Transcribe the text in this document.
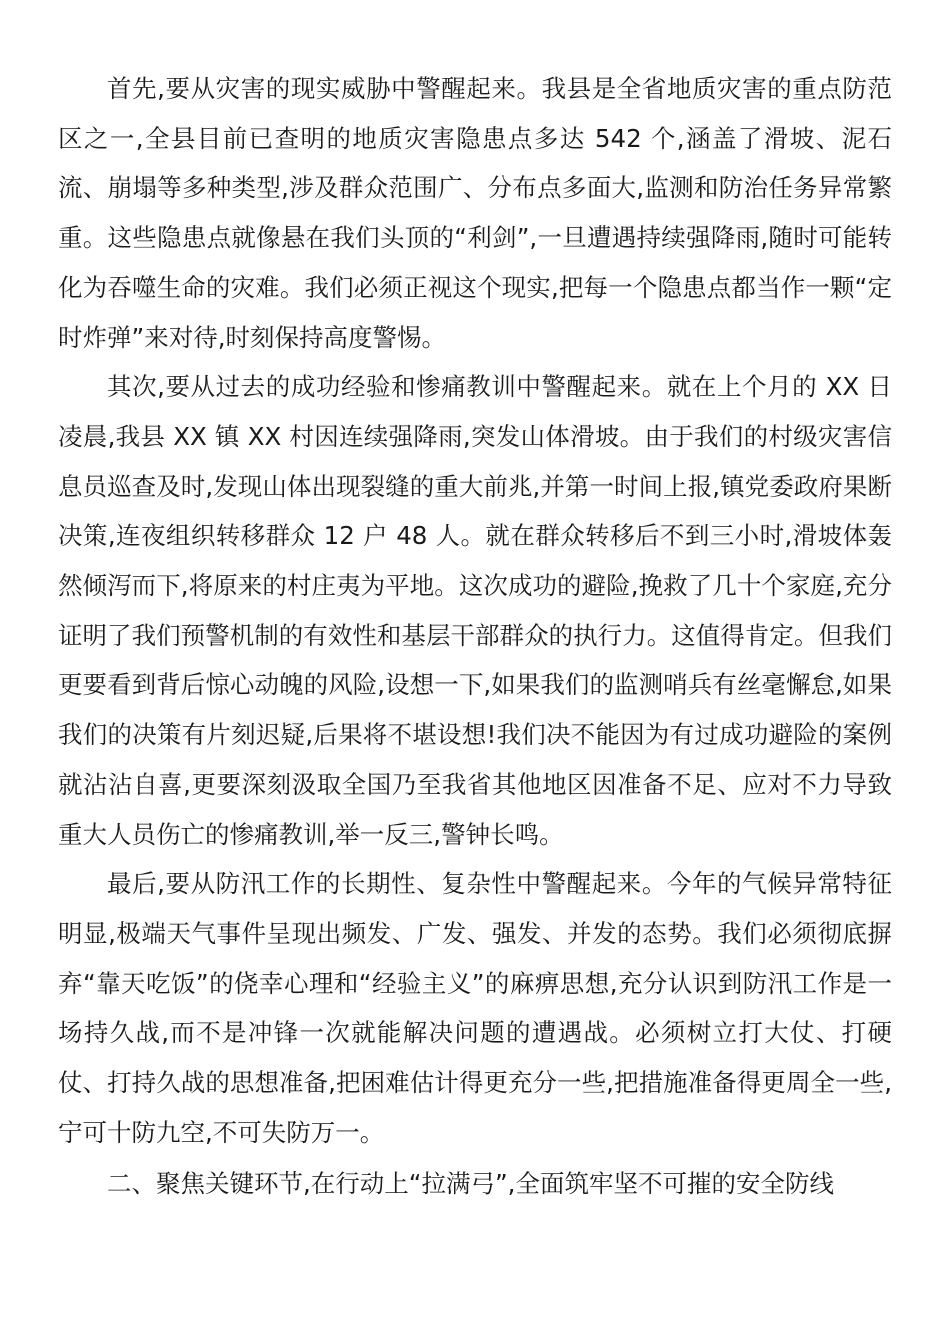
首先,要从灾害的现实威胁中警醒起来。我县是全省地质灾害的重点防范区之一,全县目前已查明的地质灾害隐患点多达 542 个,涵盖了滑坡、泥石流、崩塌等多种类型,涉及群众范围广、分布点多面大,监测和防治任务异常繁重。这些隐患点就像悬在我们头顶的“利剑”,一旦遭遇持续强降雨,随时可能转化为吞噬生命的灾难。我们必须正视这个现实,把每一个隐患点都当作一颗“定时炸弹”来对待,时刻保持高度警惕。

其次,要从过去的成功经验和惨痛教训中警醒起来。就在上个月的 XX 日凌晨,我县 XX 镇 XX 村因连续强降雨,突发山体滑坡。由于我们的村级灾害信息员巡查及时,发现山体出现裂缝的重大前兆,并第一时间上报,镇党委政府果断决策,连夜组织转移群众 12 户 48 人。就在群众转移后不到三小时,滑坡体轰然倾泻而下,将原来的村庄夷为平地。这次成功的避险,挽救了几十个家庭,充分证明了我们预警机制的有效性和基层干部群众的执行力。这值得肯定。但我们更要看到背后惊心动魄的风险,设想一下,如果我们的监测哨兵有丝毫懈怠,如果我们的决策有片刻迟疑,后果将不堪设想!我们决不能因为有过成功避险的案例就沾沾自喜,更要深刻汲取全国乃至我省其他地区因准备不足、应对不力导致重大人员伤亡的惨痛教训,举一反三,警钟长鸣。

最后,要从防汛工作的长期性、复杂性中警醒起来。今年的气候异常特征明显,极端天气事件呈现出频发、广发、强发、并发的态势。我们必须彻底摒弃“靠天吃饭”的侥幸心理和“经验主义”的麻痹思想,充分认识到防汛工作是一场持久战,而不是冲锋一次就能解决问题的遭遇战。必须树立打大仗、打硬仗、打持久战的思想准备,把困难估计得更充分一些,把措施准备得更周全一些,宁可十防九空,不可失防万一。

二、聚焦关键环节,在行动上“拉满弓”,全面筑牢坚不可摧的安全防线
